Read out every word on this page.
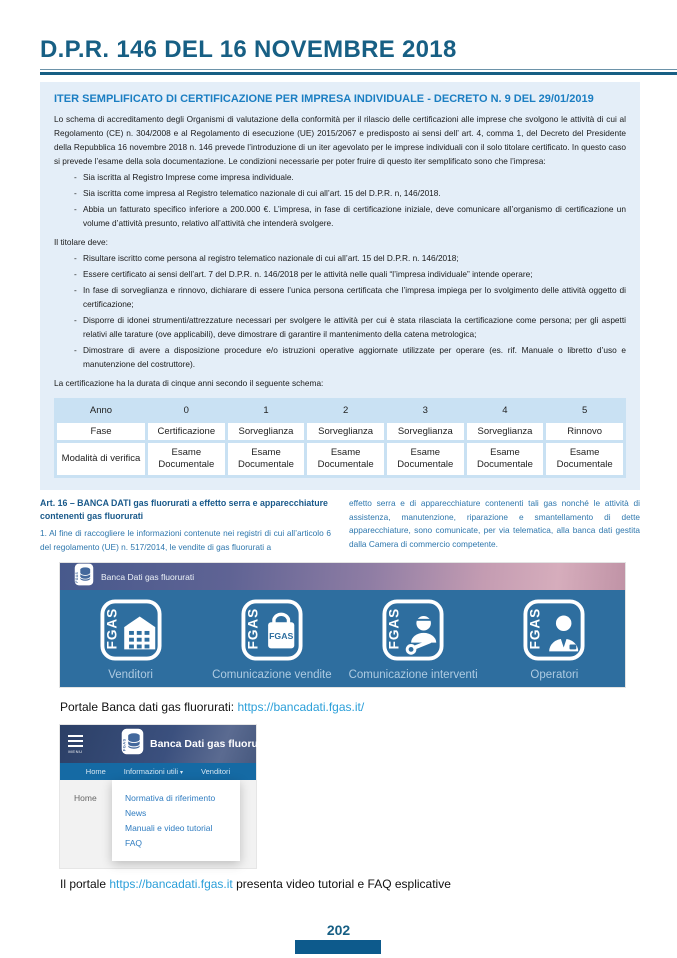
D.P.R. 146 DEL 16 NOVEMBRE 2018
ITER SEMPLIFICATO DI CERTIFICAZIONE PER IMPRESA INDIVIDUALE - DECRETO N. 9 DEL 29/01/2019
Lo schema di accreditamento degli Organismi di valutazione della conformità per il rilascio delle certificazioni alle imprese che svolgono le attività di cui al Regolamento (CE) n. 304/2008 e al Regolamento di esecuzione (UE) 2015/2067 e predisposto ai sensi dell’ art. 4, comma 1, del Decreto del Presidente della Repubblica 16 novembre 2018 n. 146 prevede l’introduzione di un iter agevolato per le imprese individuali con il solo titolare certificato. In questo caso si prevede l’esame della sola documentazione. Le condizioni necessarie per poter fruire di questo iter semplificato sono che l’impresa:
- Sia iscritta al Registro Imprese come impresa individuale.
- Sia iscritta come impresa al Registro telematico nazionale di cui all’art. 15 del D.P.R. n, 146/2018.
- Abbia un fatturato specifico inferiore a 200.000 €. L’impresa, in fase di certificazione iniziale, deve comunicare all’organismo di certificazione un volume d’attività presunto, relativo all’attività che intenderà svolgere.
Il titolare deve:
- Risultare iscritto come persona al registro telematico nazionale di cui all’art. 15 del D.P.R. n. 146/2018;
- Essere certificato ai sensi dell’art. 7 del D.P.R. n. 146/2018 per le attività nelle quali “l’impresa individuale” intende operare;
- In fase di sorveglianza e rinnovo, dichiarare di essere l’unica persona certificata che l’impresa impiega per lo svolgimento delle attività oggetto di certificazione;
- Disporre di idonei strumenti/attrezzature necessari per svolgere le attività per cui è stata rilasciata la certificazione come persona; per gli aspetti relativi alle tarature (ove applicabili), deve dimostrare di garantire il mantenimento della catena metrologica;
- Dimostrare di avere a disposizione procedure e/o istruzioni operative aggiornate utilizzate per operare (es. rif. Manuale o libretto d’uso e manutenzione del costruttore).
La certificazione ha la durata di cinque anni secondo il seguente schema:
Anno	0	1	2	3	4	5
Fase	Certificazione	Sorveglianza	Sorveglianza	Sorveglianza	Sorveglianza	Rinnovo
Modalità di verifica	Esame Documentale	Esame Documentale	Esame Documentale	Esame Documentale	Esame Documentale	Esame Documentale
Art. 16 – BANCA DATI gas fluorurati a effetto serra e apparecchiature contenenti gas fluorurati
1. Al fine di raccogliere le informazioni contenute nei registri di cui all’articolo 6 del regolamento (UE) n. 517/2014, le vendite di gas fluorurati a
effetto serra e di apparecchiature contenenti tali gas nonché le attività di assistenza, manutenzione, riparazione e smantellamento di dette apparecchiature, sono comunicate, per via telematica, alla banca dati gestita dalla Camera di commercio competente.
FGAS	Banca Dati gas fluorurati
FGAS
Venditori
FGAS FGAS
Comunicazione vendite
FGAS
Comunicazione interventi
FGAS
Operatori
Portale Banca dati gas fluorurati: https://bancadati.fgas.it/
MENU
FGAS Banca Dati gas fluorurati
Home Informazioni utili ▾ Venditori
Home	Normativa di riferimento
News
Manuali e video tutorial
FAQ
Il portale https://bancadati.fgas.it presenta video tutorial e FAQ esplicative
202
